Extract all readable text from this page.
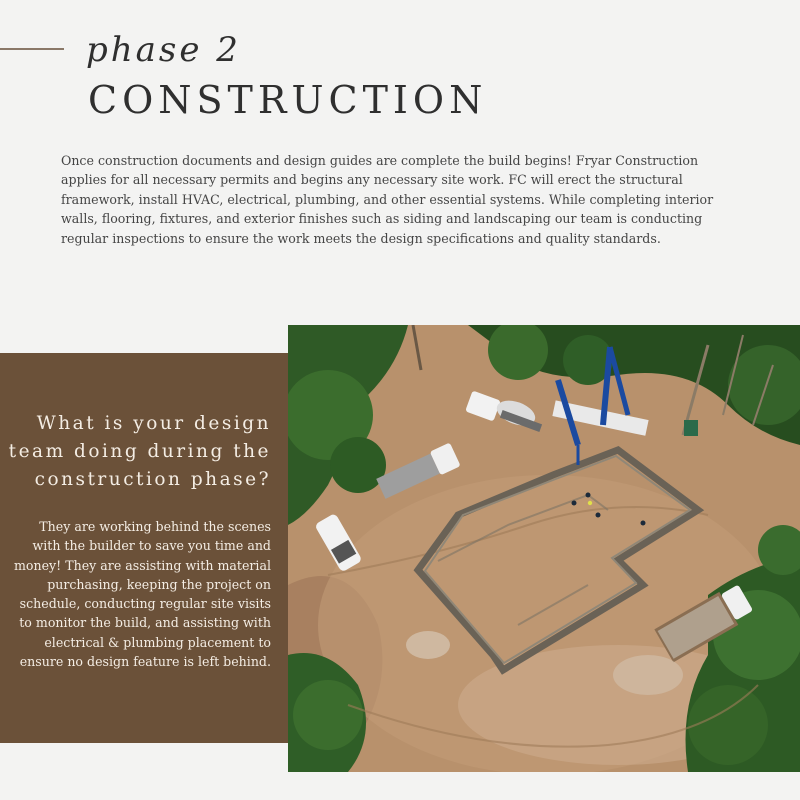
phase 2
CONSTRUCTION

Once construction documents and design guides are complete the build begins! Fryar Construction applies for all necessary permits and begins any necessary site work. FC will erect the structural framework, install HVAC, electrical, plumbing, and other essential systems. While completing interior walls, flooring, fixtures, and exterior finishes such as siding and landscaping our team is conducting regular inspections to ensure the work meets the design specifications and quality standards.

What is your design team doing during the construction phase?
They are working behind the scenes with the builder to save you time and money! They are assisting with material purchasing, keeping the project on schedule, conducting regular site visits to monitor the build, and assisting with electrical & plumbing placement to ensure no design feature is left behind.
